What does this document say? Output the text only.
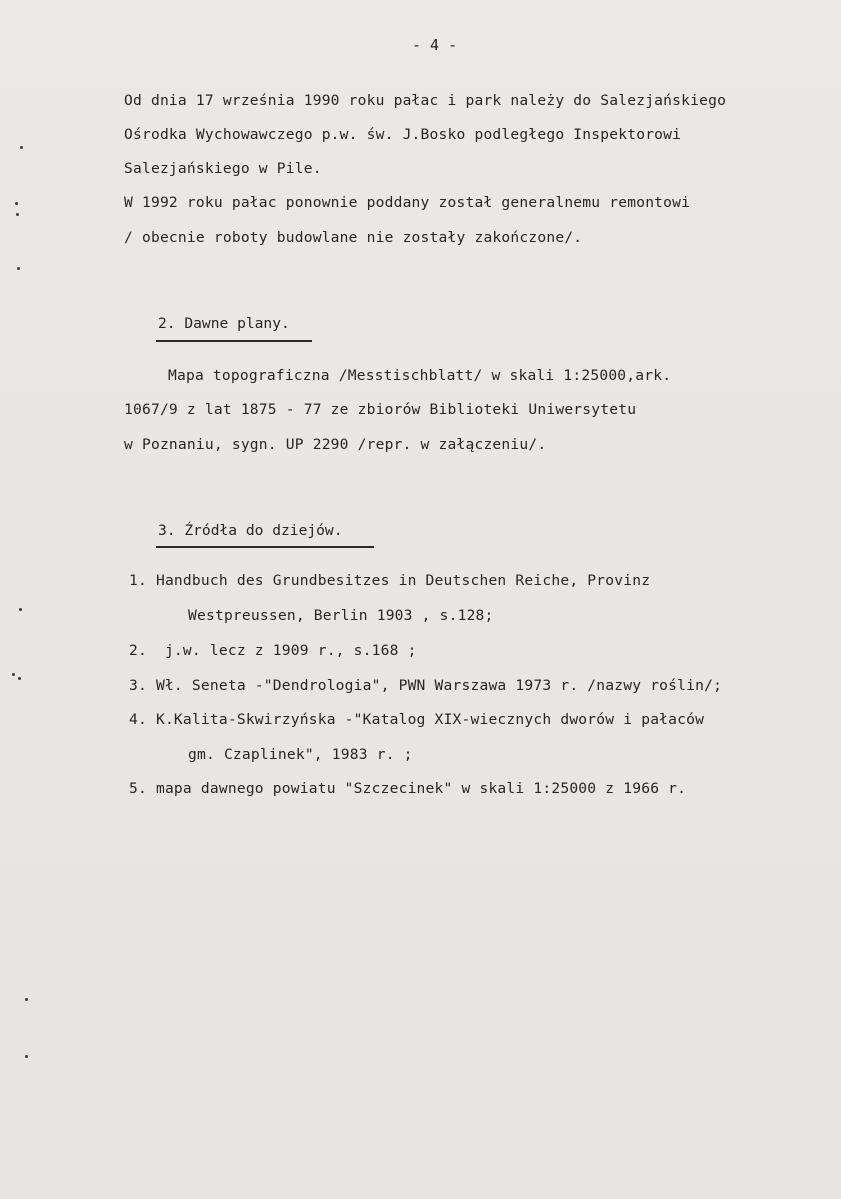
- 4 -
Od dnia 17 września 1990 roku pałac i park należy do Salezjańskiego
Ośrodka Wychowawczego p.w. św. J.Bosko podległego Inspektorowi
Salezjańskiego w Pile.
W 1992 roku pałac ponownie poddany został generalnemu remontowi
/ obecnie roboty budowlane nie zostały zakończone/.
2. Dawne plany.
Mapa topograficzna /Messtischblatt/ w skali 1:25000,ark.
1067/9 z lat 1875 - 77 ze zbiorów Biblioteki Uniwersytetu
w Poznaniu, sygn. UP 2290 /repr. w załączeniu/.
3. Źródła do dziejów.
1. Handbuch des Grundbesitzes in Deutschen Reiche, Provinz
Westpreussen, Berlin 1903 , s.128;
2.  j.w. lecz z 1909 r., s.168 ;
3. Wł. Seneta -"Dendrologia", PWN Warszawa 1973 r. /nazwy roślin/;
4. K.Kalita-Skwirzyńska -"Katalog XIX-wiecznych dworów i pałaców
gm. Czaplinek", 1983 r. ;
5. mapa dawnego powiatu "Szczecinek" w skali 1:25000 z 1966 r.
